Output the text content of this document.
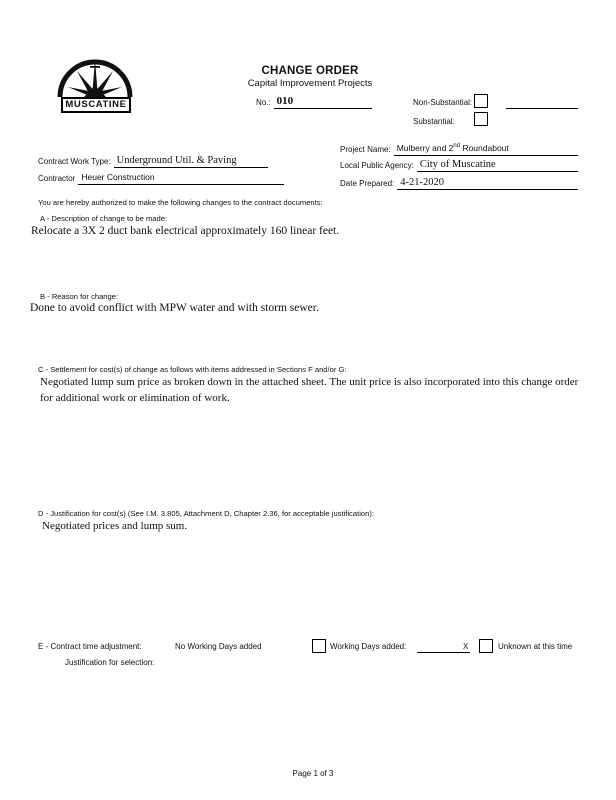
MUSCATINE
CHANGE ORDER
Capital Improvement Projects
No.: 010	Non-Substantial:
Substantial:
Project Name: Mulberry and 2nd Roundabout
Local Public Agency: City of Muscatine
Date Prepared: 4-21-2020
Contract Work Type: Underground Util. & Paving
Contractor Heuer Construction
You are hereby authorized to make the following changes to the contract documents:
A - Description of change to be made:
Relocate a 3X 2 duct bank electrical approximately 160 linear feet.
B - Reason for change:
Done to avoid conflict with MPW water and with storm sewer.
C - Settlement for cost(s) of change as follows with items addressed in Sections F and/or G:
Negotiated lump sum price as broken down in the attached sheet. The unit price is also incorporated into this change order for additional work or elimination of work.
D - Justification for cost(s) (See I.M. 3.805, Attachment D, Chapter 2.36, for acceptable justification):
Negotiated prices and lump sum.
E - Contract time adjustment:	No Working Days added	Working Days added:	X	Unknown at this time
Justification for selection:
Page 1 of 3
